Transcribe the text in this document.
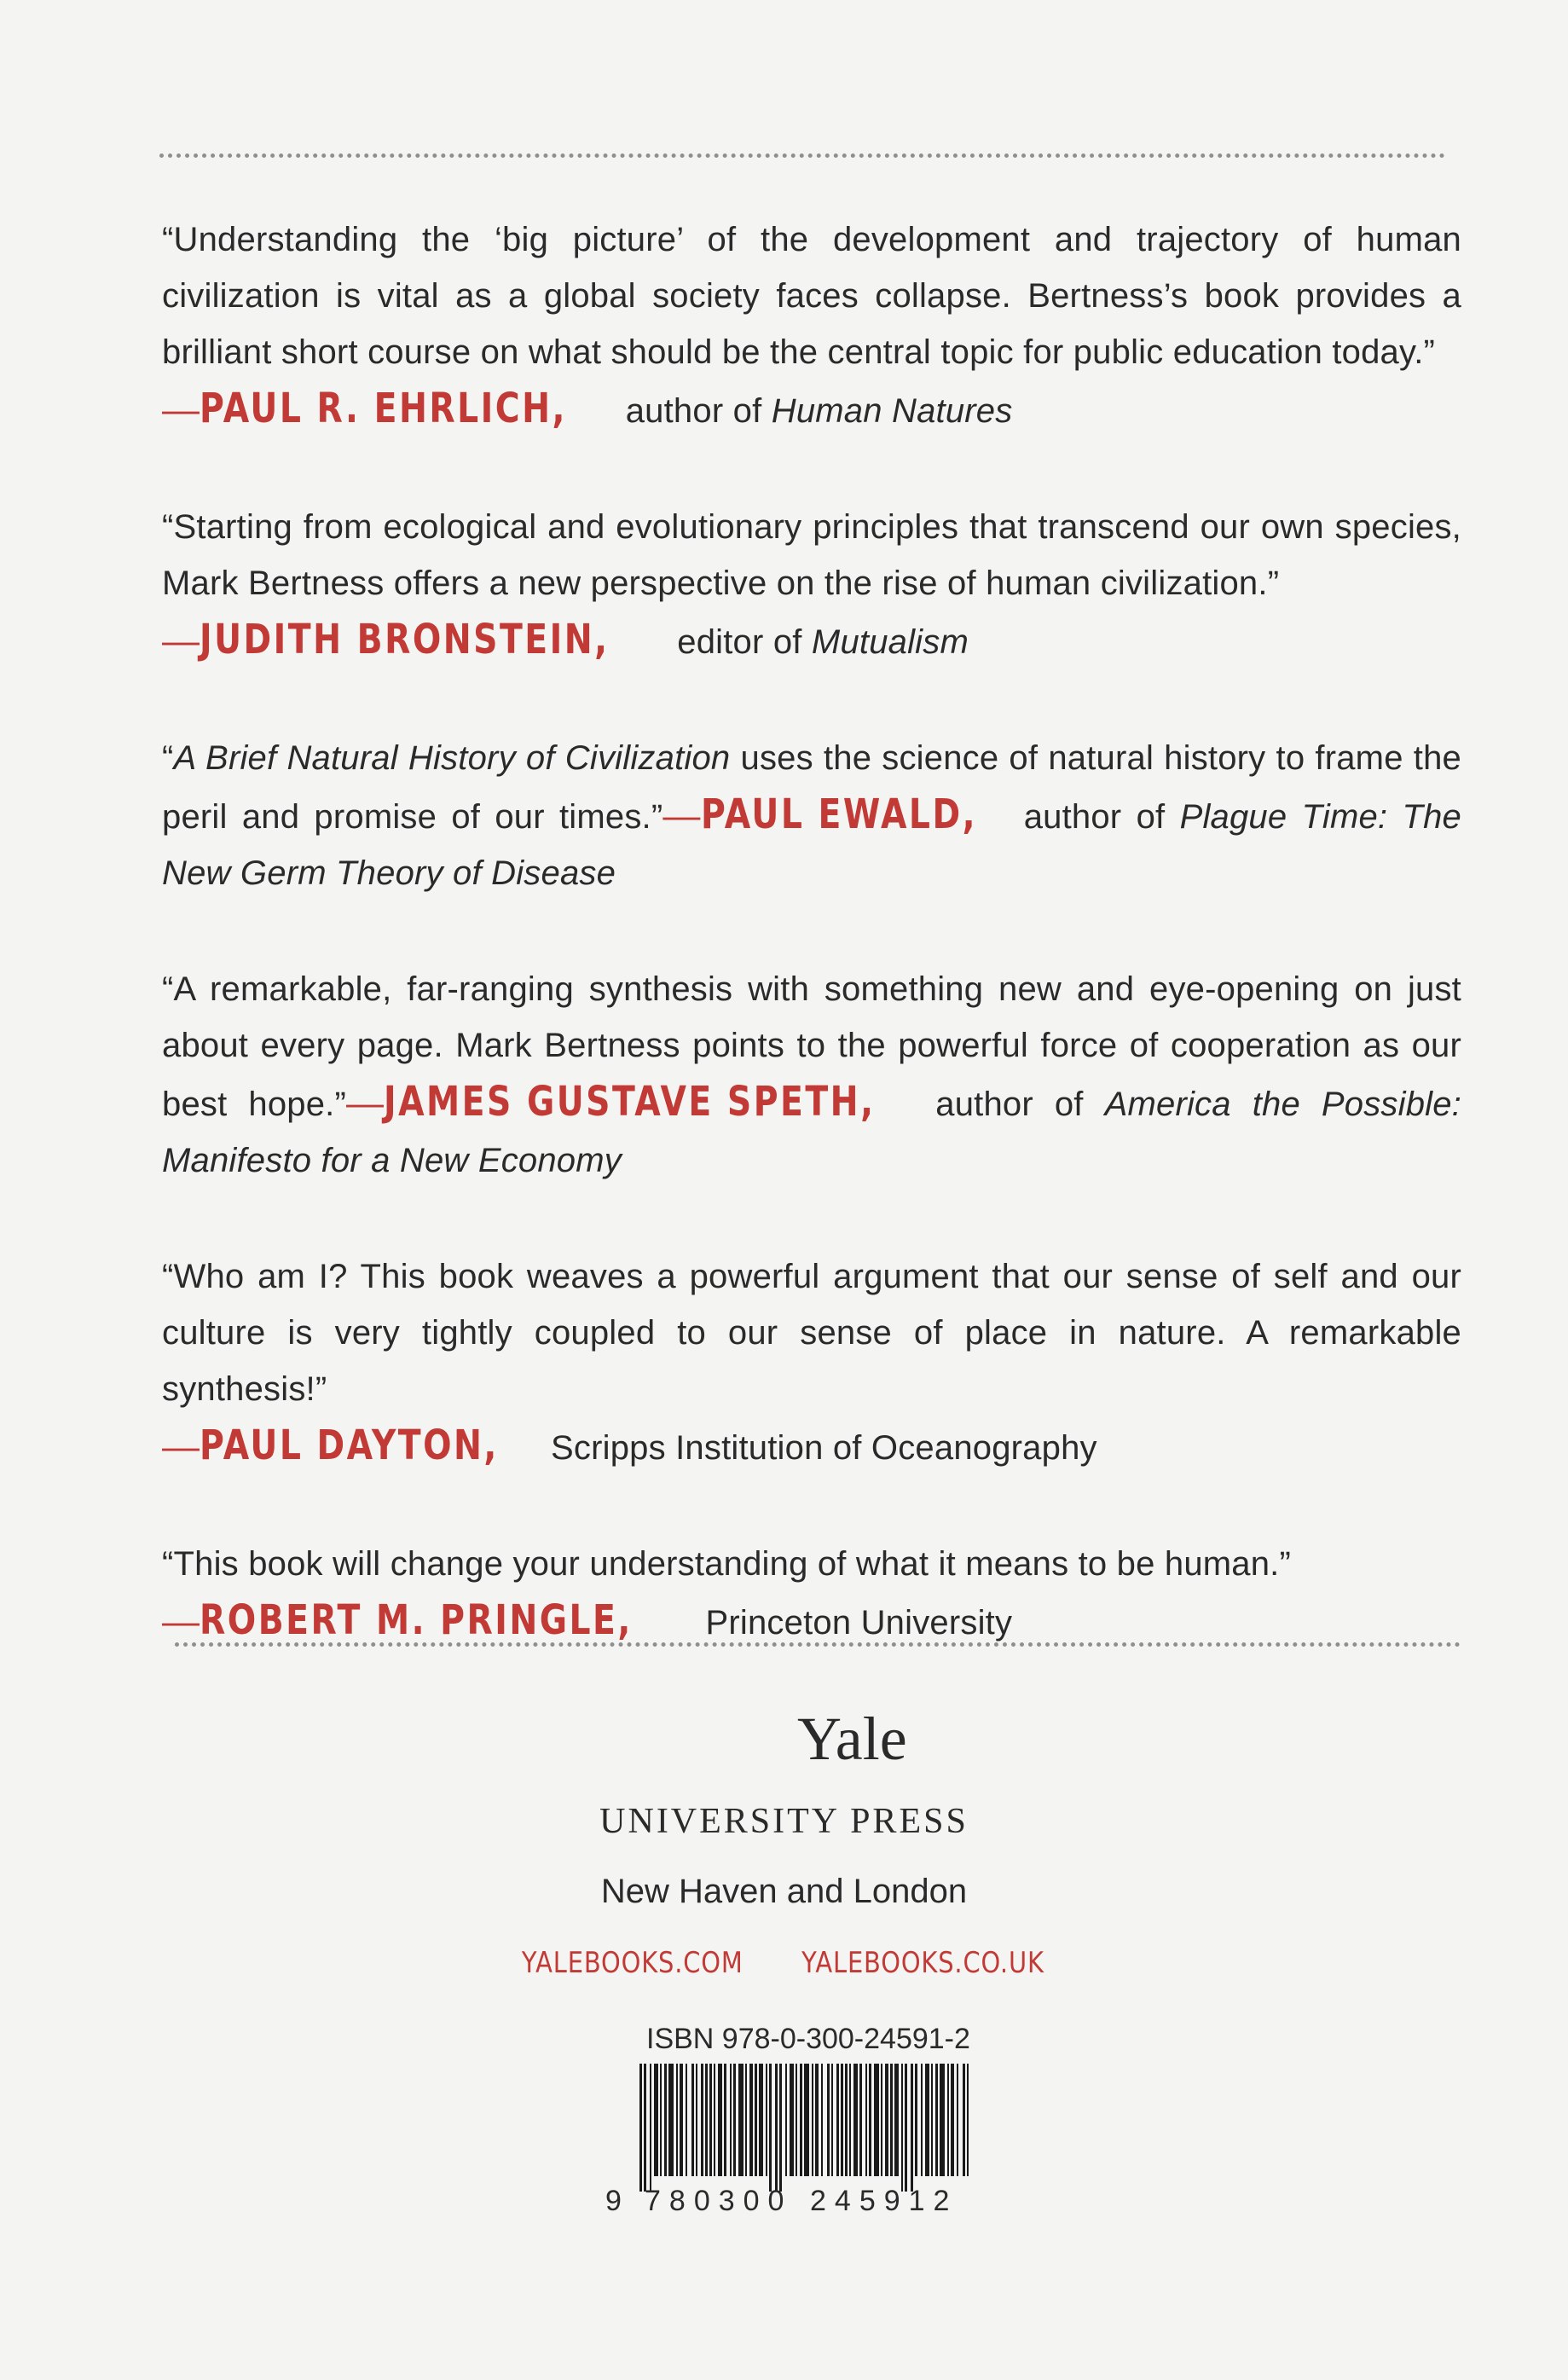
“Understanding the ‘big picture’ of the development and trajectory of human civilization is vital as a global society faces collapse. Bertness’s book provides a brilliant short course on what should be the central topic for public education today.”
—PAUL R. EHRLICH, author of Human Natures

“Starting from ecological and evolutionary principles that transcend our own species, Mark Bertness offers a new perspective on the rise of human civilization.”
—JUDITH BRONSTEIN, editor of Mutualism

“A Brief Natural History of Civilization uses the science of natural history to frame the peril and promise of our times.”—PAUL EWALD, author of Plague Time: The New Germ Theory of Disease

“A remarkable, far-ranging synthesis with something new and eye-opening on just about every page. Mark Bertness points to the powerful force of cooperation as our best hope.”—JAMES GUSTAVE SPETH, author of America the Possible: Manifesto for a New Economy

“Who am I? This book weaves a powerful argument that our sense of self and our culture is very tightly coupled to our sense of place in nature. A remarkable synthesis!”
—PAUL DAYTON, Scripps Institution of Oceanography

“This book will change your understanding of what it means to be human.”
—ROBERT M. PRINGLE, Princeton University

Yale
UNIVERSITY PRESS
New Haven and London
YALEBOOKS.COM YALEBOOKS.CO.UK
ISBN 978-0-300-24591-2
9 780300 245912
